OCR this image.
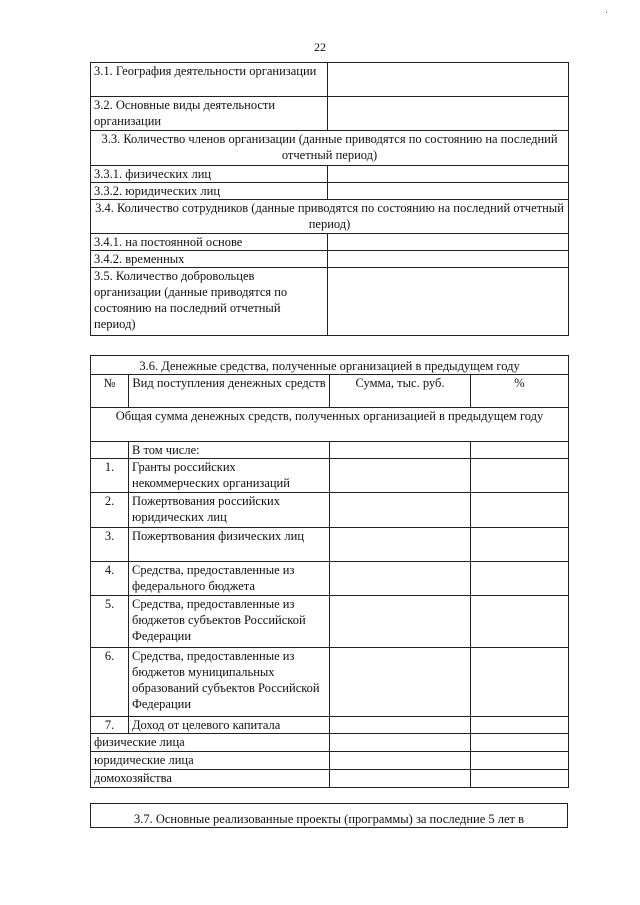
22
3.1. География деятельности организации	
3.2. Основные виды деятельности организации	
3.3. Количество членов организации (данные приводятся по состоянию на последний отчетный период)	
3.3.1. физических лиц	
3.3.2. юридических лиц	
3.4. Количество сотрудников (данные приводятся по состоянию на последний отчетный период)	
3.4.1. на постоянной основе	
3.4.2. временных	
3.5. Количество добровольцев организации (данные приводятся по состоянию на последний отчетный период)	
3.6. Денежные средства, полученные организацией в предыдущем году			
№	Вид поступления денежных средств	Сумма, тыс. руб.	%
Общая сумма денежных средств, полученных организацией в предыдущем году			
	В том числе:		
1.	Гранты российских некоммерческих организаций		
2.	Пожертвования российских юридических лиц		
3.	Пожертвования физических лиц		
4.	Средства, предоставленные из федерального бюджета		
5.	Средства, предоставленные из бюджетов субъектов Российской Федерации		
6.	Средства, предоставленные из бюджетов муниципальных образований субъектов Российской Федерации		
7.	Доход от целевого капитала		
физические лица			
юридические лица			
домохозяйства			
3.7. Основные реализованные проекты (программы) за последние 5 лет в
